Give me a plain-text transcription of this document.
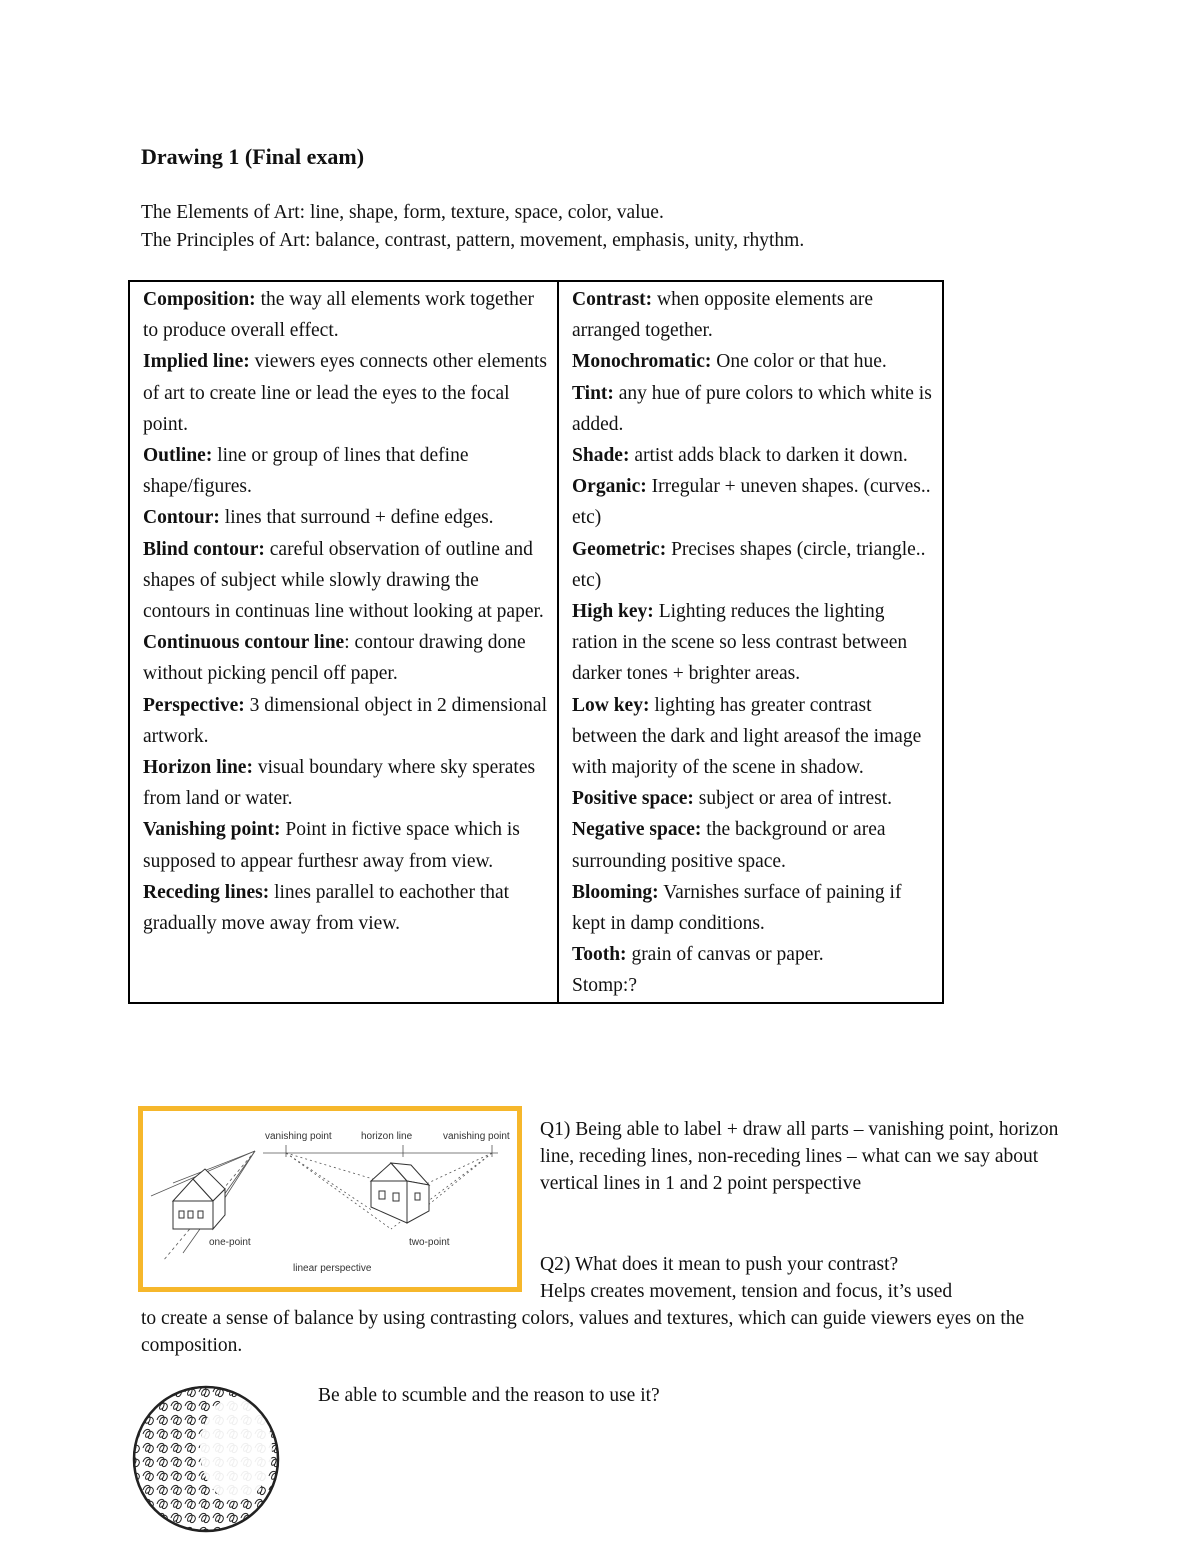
Drawing 1 (Final exam)
The Elements of Art: line, shape, form, texture, space, color, value.
The Principles of Art: balance, contrast, pattern, movement, emphasis, unity, rhythm.
Composition: the way all elements work together to produce overall effect.
Implied line: viewers eyes connects other elements of art to create line or lead the eyes to the focal point.
Outline: line or group of lines that define shape/figures.
Contour: lines that surround + define edges.
Blind contour: careful observation of outline and shapes of subject while slowly drawing the contours in continuas line without looking at paper.
Continuous contour line: contour drawing done without picking pencil off paper.
Perspective: 3 dimensional object in 2 dimensional artwork.
Horizon line: visual boundary where sky sperates from land or water.
Vanishing point: Point in fictive space which is supposed to appear furthesr away from view.
Receding lines: lines parallel to eachother that gradually move away from view.

Contrast: when opposite elements are arranged together.
Monochromatic: One color or that hue.
Tint: any hue of pure colors to which white is added.
Shade: artist adds black to darken it down.
Organic: Irregular + uneven shapes. (curves.. etc)
Geometric: Precises shapes (circle, triangle.. etc)
High key: Lighting reduces the lighting ration in the scene so less contrast between darker tones + brighter areas.
Low key: lighting has greater contrast between the dark and light areasof the image with majority of the scene in shadow.
Positive space: subject or area of intrest.
Negative space: the background or area surrounding positive space.
Blooming: Varnishes surface of paining if kept in damp conditions.
Tooth: grain of canvas or paper.
Stomp:?
vanishing point	horizon line	vanishing point
one-point	two-point
linear perspective

Q1) Being able to label + draw all parts – vanishing point, horizon line, receding lines, non-receding lines – what can we say about vertical lines in 1 and 2 point perspective

Q2) What does it mean to push your contrast?

Helps creates movement, tension and focus, it’s used

to create a sense of balance by using contrasting colors, values and textures, which can guide viewers eyes on the composition.

Be able to scumble and the reason to use it?
